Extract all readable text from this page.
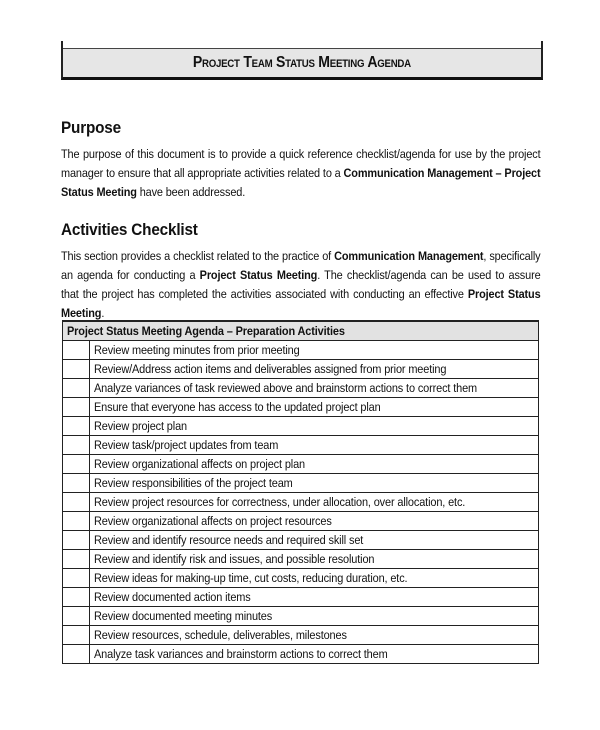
Project Team Status Meeting Agenda
Purpose
The purpose of this document is to provide a quick reference checklist/agenda for use by the project manager to ensure that all appropriate activities related to a Communication Management – Project Status Meeting have been addressed.
Activities Checklist
This section provides a checklist related to the practice of Communication Management, specifically an agenda for conducting a Project Status Meeting. The checklist/agenda can be used to assure that the project has completed the activities associated with conducting an effective Project Status Meeting.
Project Status Meeting Agenda – Preparation Activities	
	Review meeting minutes from prior meeting
	Review/Address action items and deliverables assigned from prior meeting
	Analyze variances of task reviewed above and brainstorm actions to correct them
	Ensure that everyone has access to the updated project plan
	Review project plan
	Review task/project updates from team
	Review organizational affects on project plan
	Review responsibilities of the project team
	Review project resources for correctness, under allocation, over allocation, etc.
	Review organizational affects on project resources
	Review and identify resource needs and required skill set
	Review and identify risk and issues, and possible resolution
	Review ideas for making-up time, cut costs, reducing duration, etc.
	Review documented action items
	Review documented meeting minutes
	Review resources, schedule, deliverables, milestones
	Analyze task variances and brainstorm actions to correct them
